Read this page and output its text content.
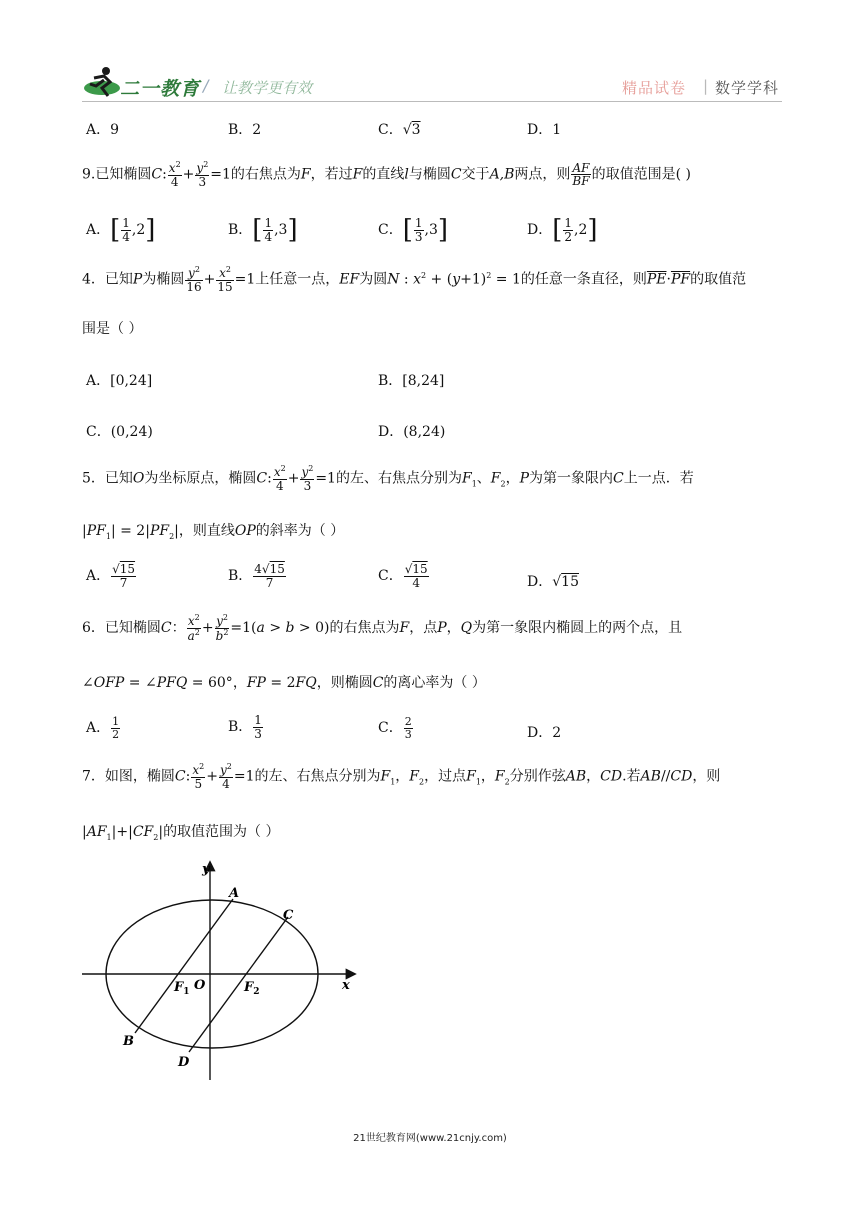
二一教育 / 让教学更有效	精品试卷 | 数学学科
A．9	B．2	C．√3	D．1
9.已知椭圆C: $\frac{x^2}{4} + \frac{y^2}{3} =1$的右焦点为F，若过F的直线l与椭圆C交于A,B两点，则 $\frac{AF}{BF}$ 的取值范围是( )
A．[ $\frac{1}{4} ,2$]	B．[ $\frac{1}{4} ,3$]	C．[ $\frac{1}{3} ,3$]	D．[ $\frac{1}{2} ,2$]
4．已知P为椭圆 $\frac{y^2}{16} + \frac{x^2}{15} =1$上任意一点，EF为圆N : $x^2 + (y+1)^2 = 1$的任意一条直径，则$\overline{PE}\cdot\overline{PF}$的取值范
围是（ ）
A．[0,24]	B．[8,24]
C．(0,24)	D．(8,24)
5．已知O为坐标原点，椭圆C: $\frac{x^2}{4} + \frac{y^2}{3} =1$的左、右焦点分别为$F_1$、$F_2$，P为第一象限内C上一点．若
$|PF_1| = 2|PF_2|$，则直线OP的斜率为（ ）
A． $\frac{√15}{7}$	B． $\frac{4√15}{7}$	C． $\frac{√15}{4}$	D．√15
6．已知椭圆C： $\frac{x^2}{a^2} + \frac{y^2}{b^2} =1(a > b > 0)$的右焦点为F，点P，Q为第一象限内椭圆上的两个点，且
∠OFP = ∠PFQ = 60°，FP = 2FQ，则椭圆C的离心率为（ ）
A． $\frac{1}{2}$	B． $\frac{1}{3}$	C． $\frac{2}{3}$	D．2
7．如图，椭圆C: $\frac{x^2}{5} + \frac{y^2}{4} =1$的左、右焦点分别为$F_1$，$F_2$，过点$F_1$，$F_2$分别作弦AB，CD.若AB//CD，则
$|AF_1|+|CF_2|$的取值范围为（ ）
y
x
A
C
B
D
$F_1$ O	$F_2$
21世纪教育网(www.21cnjy.com)
